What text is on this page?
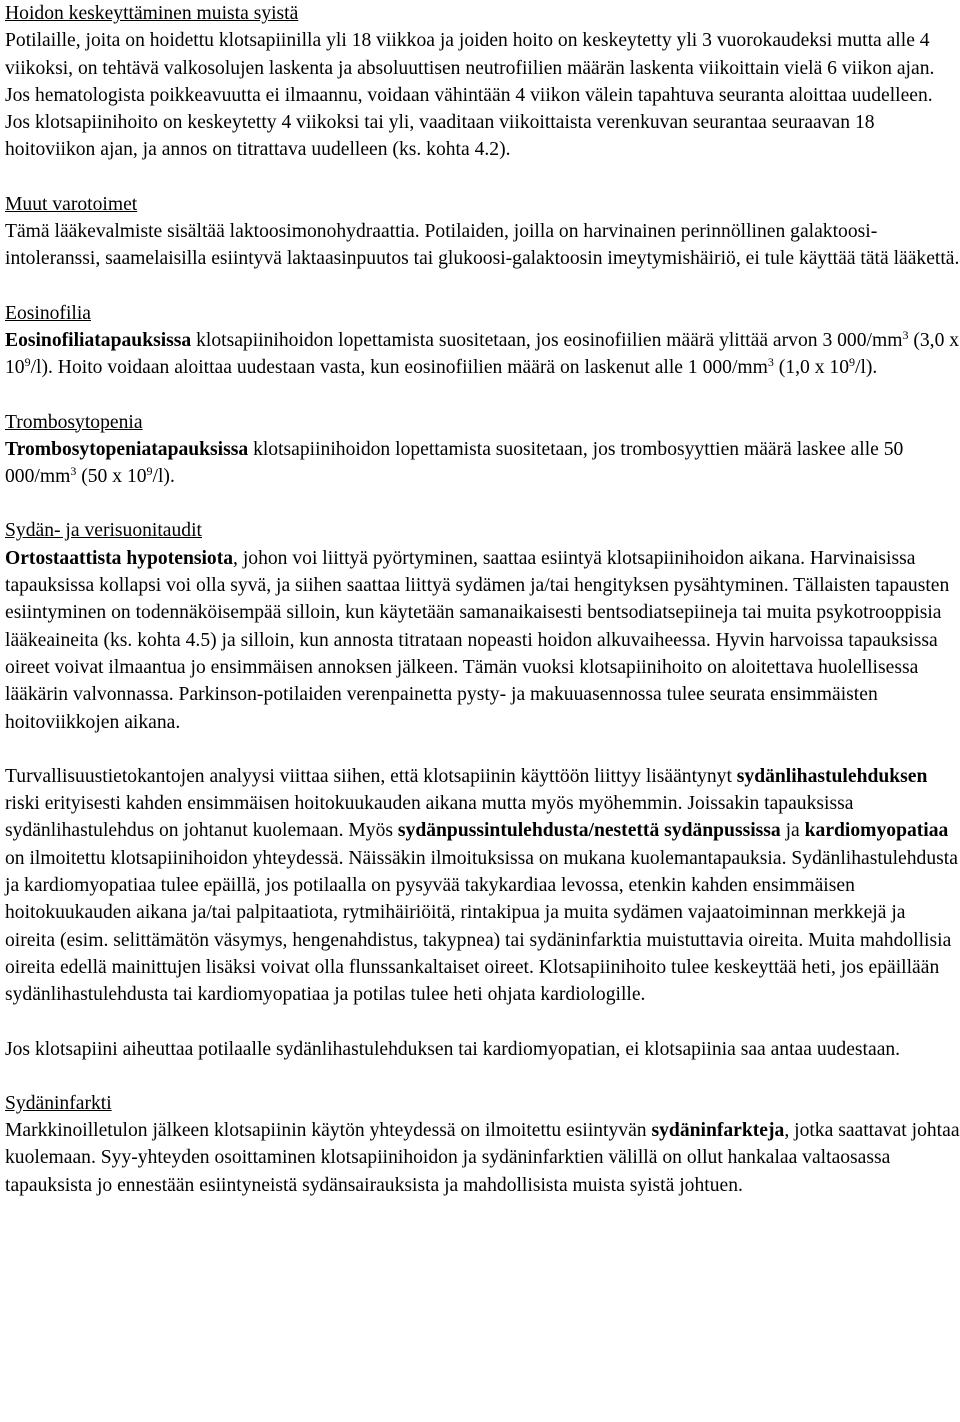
Hoidon keskeyttäminen muista syistä

Potilaille, joita on hoidettu klotsapiinilla yli 18 viikkoa ja joiden hoito on keskeytetty yli 3 vuorokaudeksi mutta alle 4 viikoksi, on tehtävä valkosolujen laskenta ja absoluuttisen neutrofiilien määrän laskenta viikoittain vielä 6 viikon ajan. Jos hematologista poikkeavuutta ei ilmaannu, voidaan vähintään 4 viikon välein tapahtuva seuranta aloittaa uudelleen. Jos klotsapiinihoito on keskeytetty 4 viikoksi tai yli, vaaditaan viikoittaista verenkuvan seurantaa seuraavan 18 hoitoviikon ajan, ja annos on titrattava uudelleen (ks. kohta 4.2).

Muut varotoimet

Tämä lääkevalmiste sisältää laktoosimonohydraattia. Potilaiden, joilla on harvinainen perinnöllinen galaktoosi-intoleranssi, saamelaisilla esiintyvä laktaasinpuutos tai glukoosi-galaktoosin imeytymishäiriö, ei tule käyttää tätä lääkettä.

Eosinofilia

Eosinofiliatapauksissa klotsapiinihoidon lopettamista suositetaan, jos eosinofiilien määrä ylittää arvon 3 $000/mm^3$ (3,0 x $10^9/l$). Hoito voidaan aloittaa uudestaan vasta, kun eosinofiilien määrä on laskenut alle 1 $000/mm^3$ (1,0 x $10^9/l$).

Trombosytopenia

Trombosytopeniatapauksissa klotsapiinihoidon lopettamista suositetaan, jos trombosyyttien määrä laskee alle 50 $000/mm^3$ (50 x $10^9/l$).

Sydän- ja verisuonitaudit

Ortostaattista hypotensiota, johon voi liittyä pyörtyminen, saattaa esiintyä klotsapiinihoidon aikana. Harvinaisissa tapauksissa kollapsi voi olla syvä, ja siihen saattaa liittyä sydämen ja/tai hengityksen pysähtyminen. Tällaisten tapausten esiintyminen on todennäköisempää silloin, kun käytetään samanaikaisesti bentsodiatsepiineja tai muita psykotrooppisia lääkeaineita (ks. kohta 4.5) ja silloin, kun annosta titrataan nopeasti hoidon alkuvaiheessa. Hyvin harvoissa tapauksissa oireet voivat ilmaantua jo ensimmäisen annoksen jälkeen. Tämän vuoksi klotsapiinihoito on aloitettava huolellisessa lääkärin valvonnassa. Parkinson-potilaiden verenpainetta pysty- ja makuuasennossa tulee seurata ensimmäisten hoitoviikkojen aikana.

Turvallisuustietokantojen analyysi viittaa siihen, että klotsapiinin käyttöön liittyy lisääntynyt sydänlihastulehduksen riski erityisesti kahden ensimmäisen hoitokuukauden aikana mutta myös myöhemmin. Joissakin tapauksissa sydänlihastulehdus on johtanut kuolemaan. Myös sydänpussintulehdusta/nestettä sydänpussissa ja kardiomyopatiaa on ilmoitettu klotsapiinihoidon yhteydessä. Näissäkin ilmoituksissa on mukana kuolemantapauksia. Sydänlihastulehdusta ja kardiomyopatiaa tulee epäillä, jos potilaalla on pysyvää takykardiaa levossa, etenkin kahden ensimmäisen hoitokuukauden aikana ja/tai palpitaatiota, rytmihäiriöitä, rintakipua ja muita sydämen vajaatoiminnan merkkejä ja oireita (esim. selittämätön väsymys, hengenahdistus, takypnea) tai sydäninfarktia muistuttavia oireita. Muita mahdollisia oireita edellä mainittujen lisäksi voivat olla flunssankaltaiset oireet. Klotsapiinihoito tulee keskeyttää heti, jos epäillään sydänlihastulehdusta tai kardiomyopatiaa ja potilas tulee heti ohjata kardiologille.

Jos klotsapiini aiheuttaa potilaalle sydänlihastulehduksen tai kardiomyopatian, ei klotsapiinia saa antaa uudestaan.

Sydäninfarkti

Markkinoilletulon jälkeen klotsapiinin käytön yhteydessä on ilmoitettu esiintyvän sydäninfarkteja, jotka saattavat johtaa kuolemaan. Syy-yhteyden osoittaminen klotsapiinihoidon ja sydäninfarktien välillä on ollut hankalaa valtaosassa tapauksista jo ennestään esiintyneistä sydänsairauksista ja mahdollisista muista syistä johtuen.
